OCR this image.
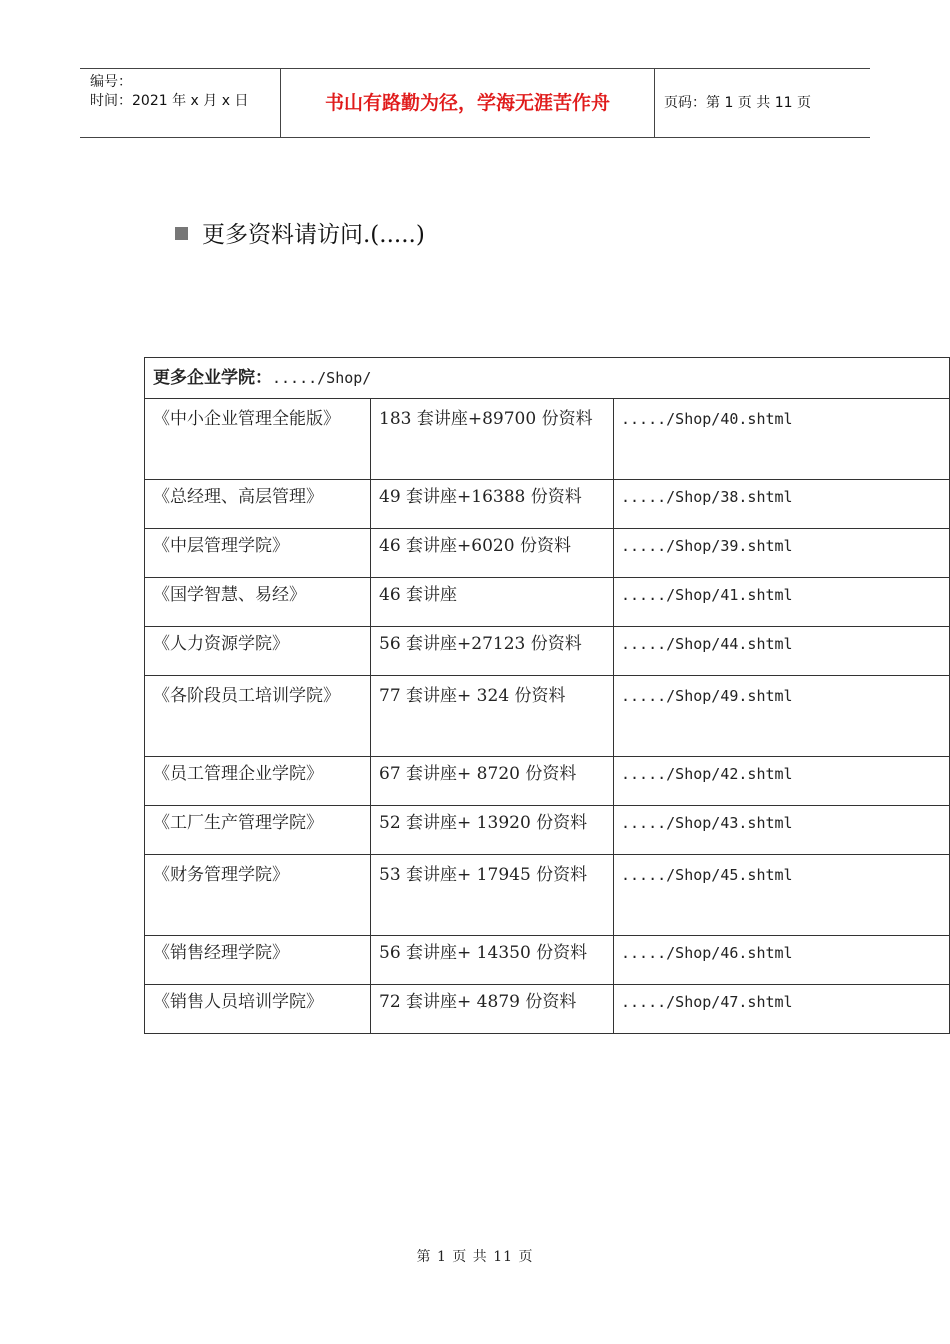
编号：
时间：2021 年 x 月 x 日	书山有路勤为径，学海无涯苦作舟	页码：第 1 页 共 11 页
更多资料请访问.(.....)
更多企业学院：...../Shop/		
《中小企业管理全能版》	183 套讲座+89700 份资料	...../Shop/40.shtml
《总经理、高层管理》	49 套讲座+16388 份资料	...../Shop/38.shtml
《中层管理学院》	46 套讲座+6020 份资料	...../Shop/39.shtml
《国学智慧、易经》	46 套讲座	...../Shop/41.shtml
《人力资源学院》	56 套讲座+27123 份资料	...../Shop/44.shtml
《各阶段员工培训学院》	77 套讲座+ 324 份资料	...../Shop/49.shtml
《员工管理企业学院》	67 套讲座+ 8720 份资料	...../Shop/42.shtml
《工厂生产管理学院》	52 套讲座+ 13920 份资料	...../Shop/43.shtml
《财务管理学院》	53 套讲座+ 17945 份资料	...../Shop/45.shtml
《销售经理学院》	56 套讲座+ 14350 份资料	...../Shop/46.shtml
《销售人员培训学院》	72 套讲座+ 4879 份资料	...../Shop/47.shtml
第 1 页 共 11 页
